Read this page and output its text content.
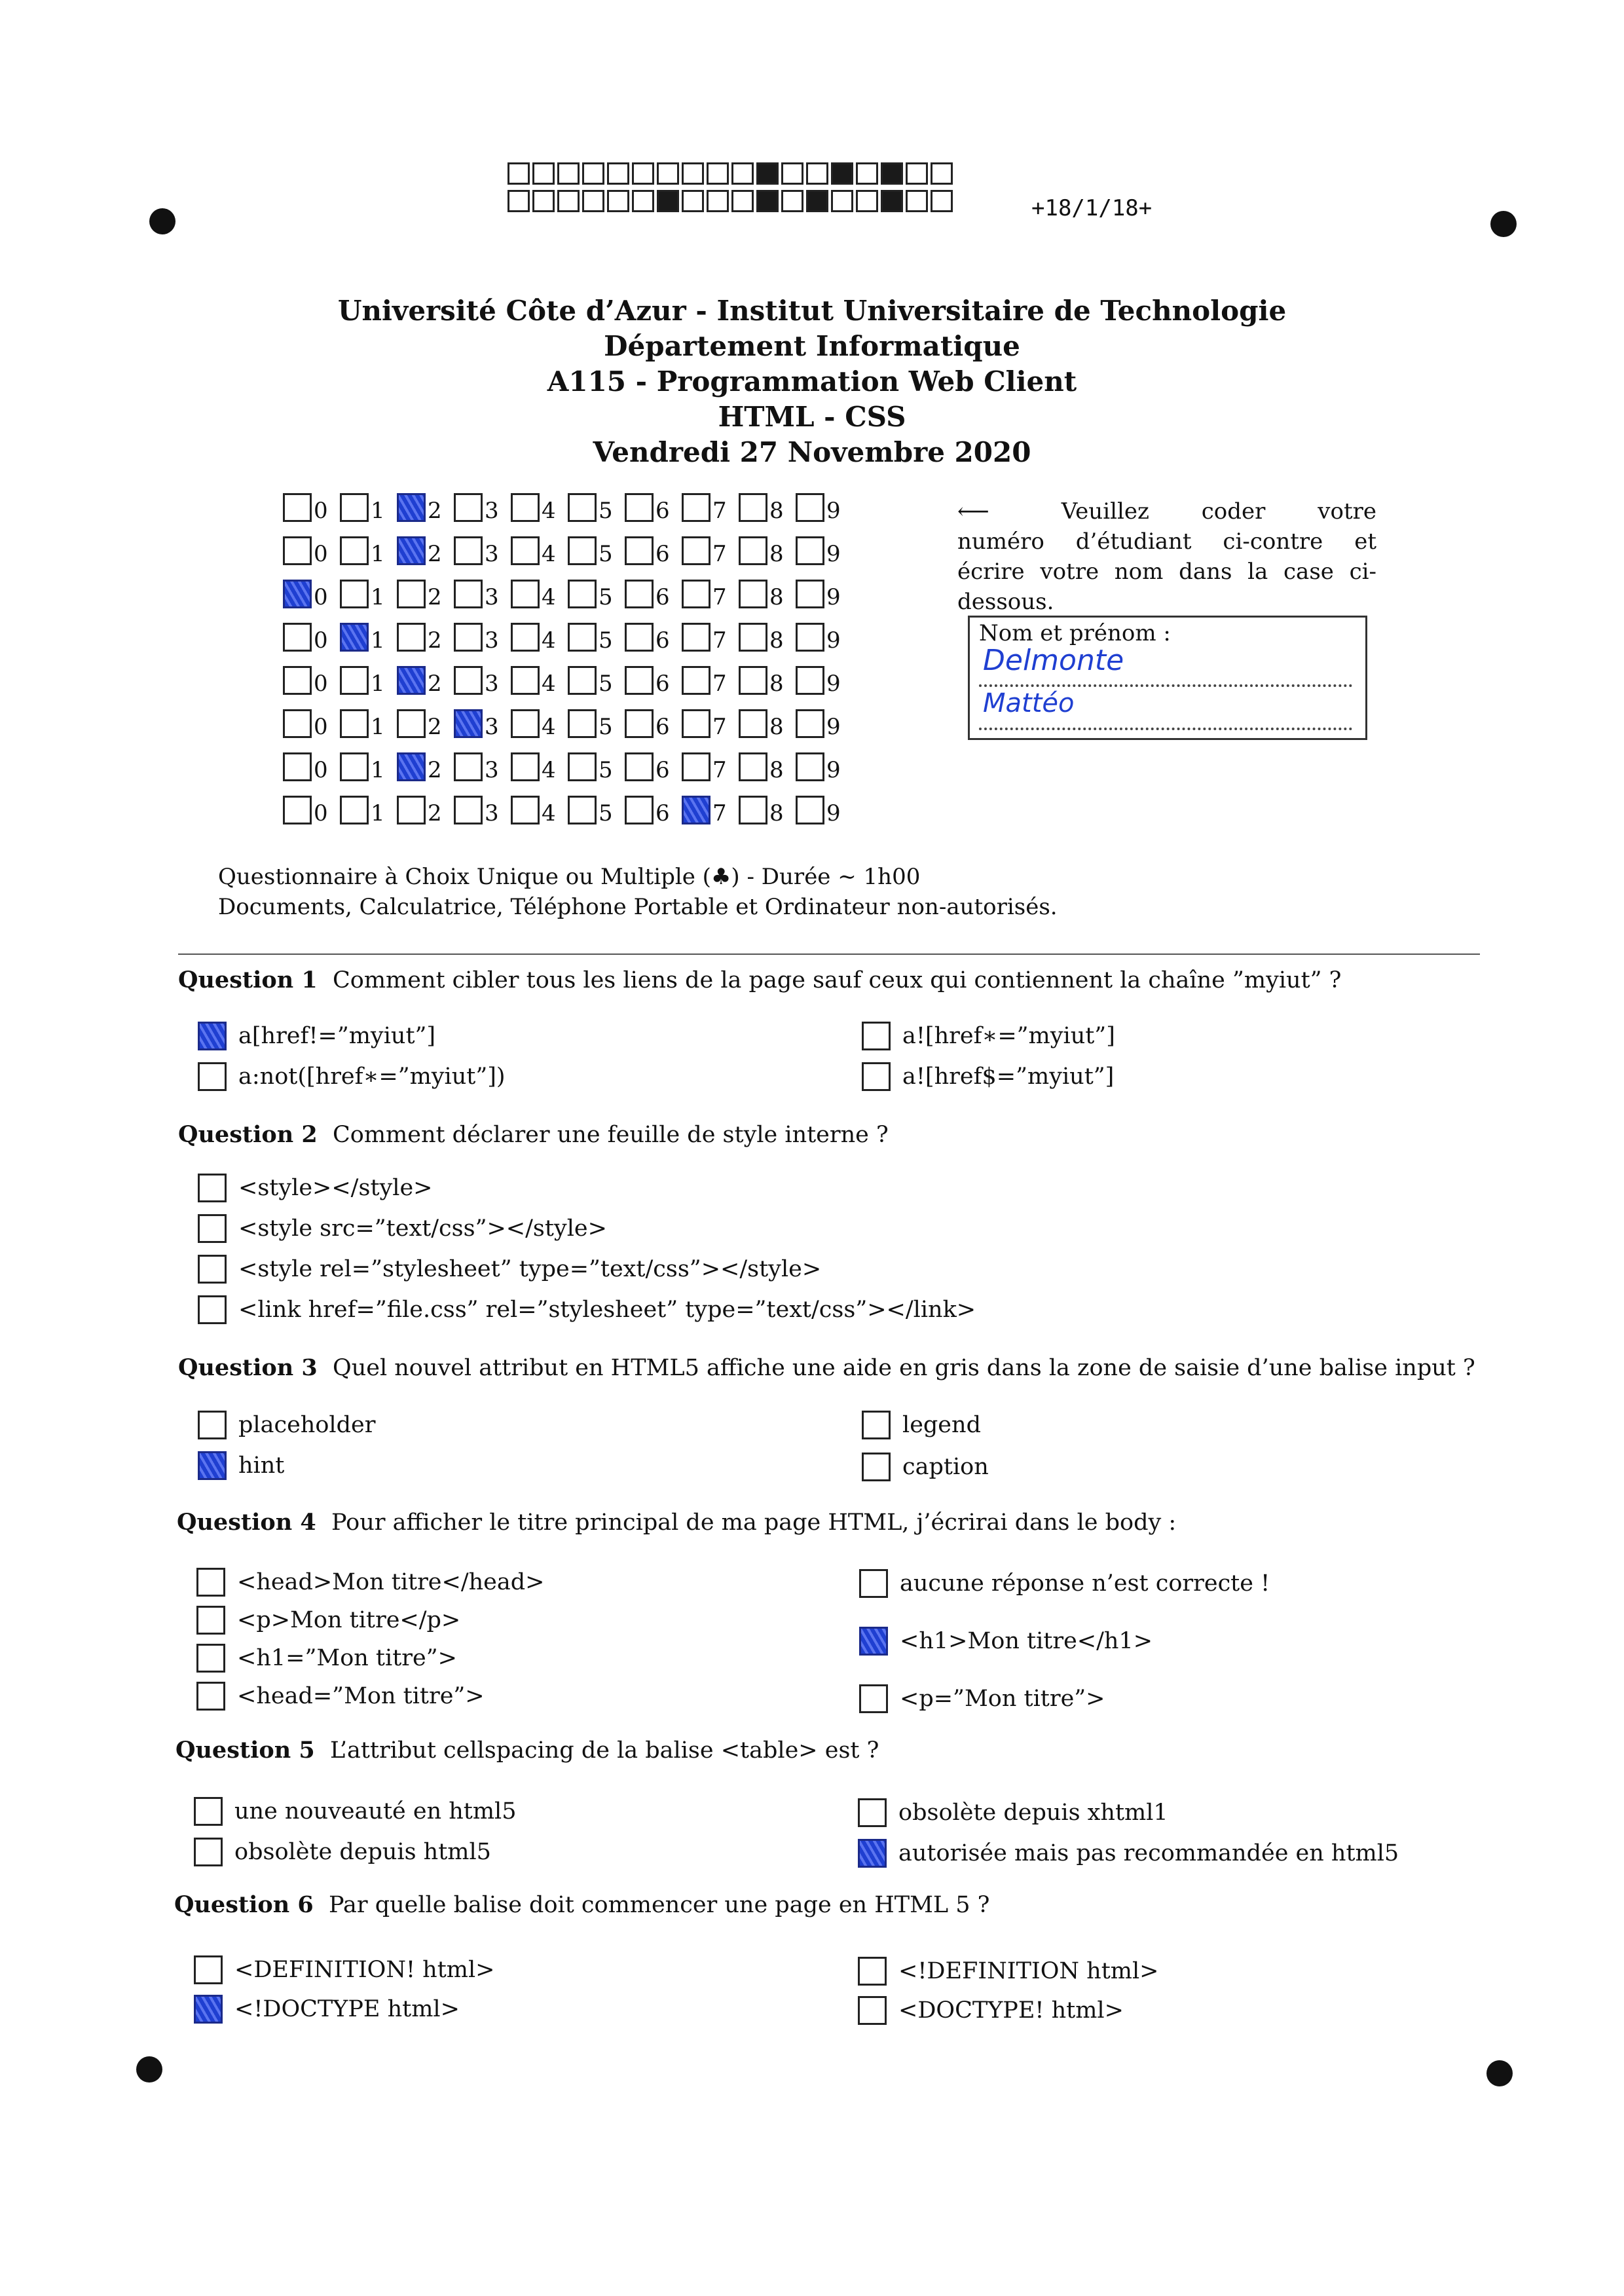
+18/1/18+
Université Côte d’Azur - Institut Universitaire de Technologie
Département Informatique
A115 - Programmation Web Client
HTML - CSS
Vendredi 27 Novembre 2020
0 1 2 3 4 5 6 7 8 9
0 1 2 3 4 5 6 7 8 9
0 1 2 3 4 5 6 7 8 9
0 1 2 3 4 5 6 7 8 9
0 1 2 3 4 5 6 7 8 9
0 1 2 3 4 5 6 7 8 9
0 1 2 3 4 5 6 7 8 9
0 1 2 3 4 5 6 7 8 9
⟵	Veuillez coder votre numéro d’étudiant ci-contre et écrire votre nom dans la case ci-dessous.
Nom et prénom :
Delmonte
Mattéo
Questionnaire à Choix Unique ou Multiple (♣) - Durée ∼ 1h00
Documents, Calculatrice, Téléphone Portable et Ordinateur non-autorisés.
Question 1 Comment cibler tous les liens de la page sauf ceux qui contiennent la chaîne ”myiut” ?
a[href!=”myiut”]
a:not([href∗=”myiut”])
a![href∗=”myiut”]
a![href$=”myiut”]
Question 2 Comment déclarer une feuille de style interne ?
<style></style>
<style src=”text/css”></style>
<style rel=”stylesheet” type=”text/css”></style>
<link href=”file.css” rel=”stylesheet” type=”text/css”></link>
Question 3 Quel nouvel attribut en HTML5 affiche une aide en gris dans la zone de saisie d’une balise input ?
placeholder
hint
legend
caption
Question 4 Pour afficher le titre principal de ma page HTML, j’écrirai dans le body :
<head>Mon titre</head>
<p>Mon titre</p>
<h1=”Mon titre”>
<head=”Mon titre”>
aucune réponse n’est correcte !
<h1>Mon titre</h1>
<p=”Mon titre”>
Question 5 L’attribut cellspacing de la balise <table> est ?
une nouveauté en html5
obsolète depuis html5
obsolète depuis xhtml1
autorisée mais pas recommandée en html5
Question 6 Par quelle balise doit commencer une page en HTML 5 ?
<DEFINITION! html>
<!DOCTYPE html>
<!DEFINITION html>
<DOCTYPE! html>
